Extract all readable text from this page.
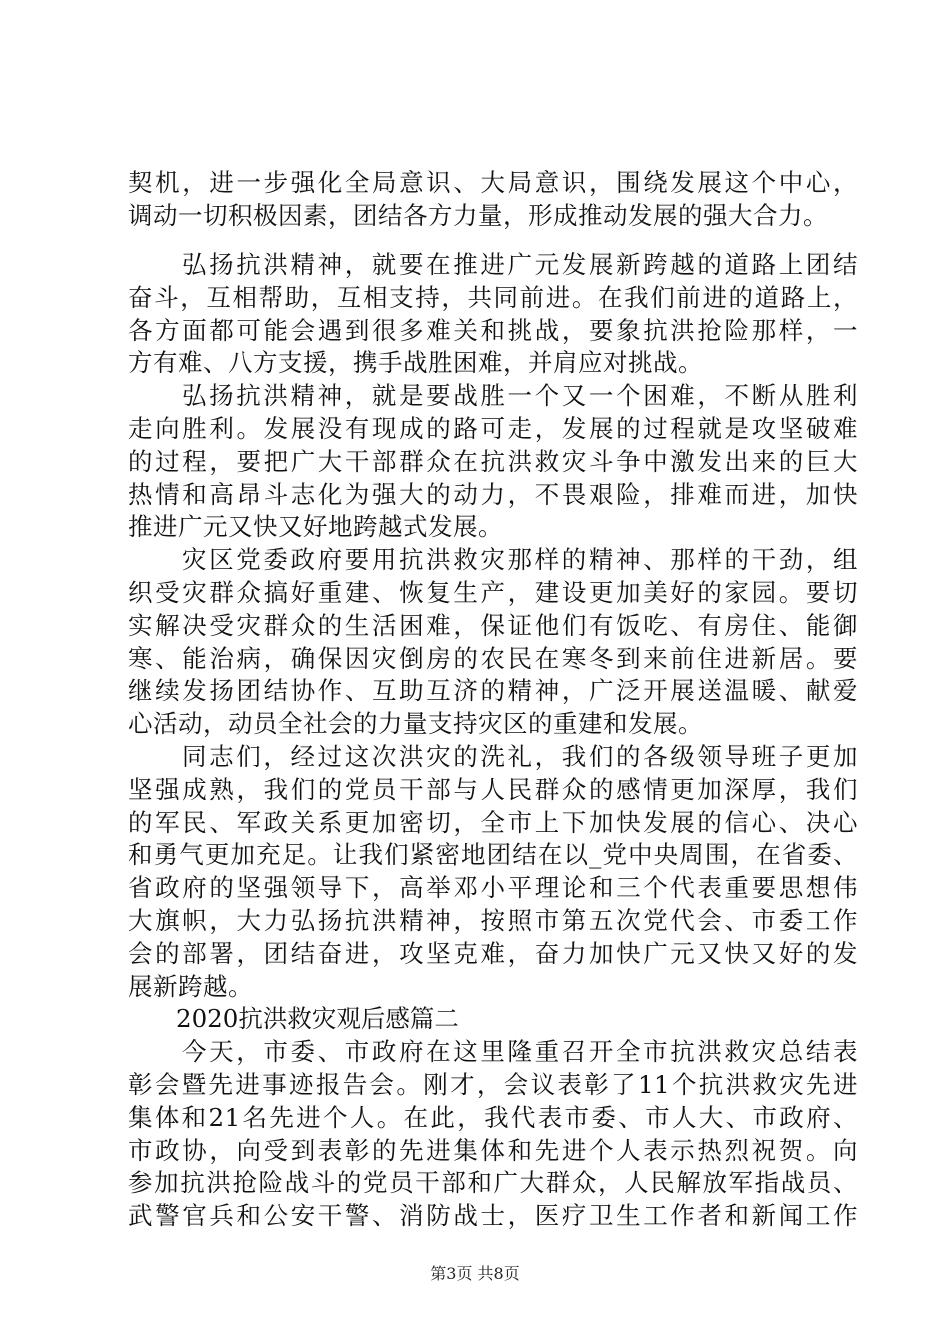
契机，进一步强化全局意识、大局意识，围绕发展这个中心，
调动一切积极因素，团结各方力量，形成推动发展的强大合力。
弘扬抗洪精神，就要在推进广元发展新跨越的道路上团结
奋斗，互相帮助，互相支持，共同前进。在我们前进的道路上，
各方面都可能会遇到很多难关和挑战，要象抗洪抢险那样，一
方有难、八方支援，携手战胜困难，并肩应对挑战。
弘扬抗洪精神，就是要战胜一个又一个困难，不断从胜利
走向胜利。发展没有现成的路可走，发展的过程就是攻坚破难
的过程，要把广大干部群众在抗洪救灾斗争中激发出来的巨大
热情和高昂斗志化为强大的动力，不畏艰险，排难而进，加快
推进广元又快又好地跨越式发展。
灾区党委政府要用抗洪救灾那样的精神、那样的干劲，组
织受灾群众搞好重建、恢复生产，建设更加美好的家园。要切
实解决受灾群众的生活困难，保证他们有饭吃、有房住、能御
寒、能治病，确保因灾倒房的农民在寒冬到来前住进新居。要
继续发扬团结协作、互助互济的精神，广泛开展送温暖、献爱
心活动，动员全社会的力量支持灾区的重建和发展。
同志们，经过这次洪灾的洗礼，我们的各级领导班子更加
坚强成熟，我们的党员干部与人民群众的感情更加深厚，我们
的军民、军政关系更加密切，全市上下加快发展的信心、决心
和勇气更加充足。让我们紧密地团结在以_党中央周围，在省委、
省政府的坚强领导下，高举邓小平理论和三个代表重要思想伟
大旗帜，大力弘扬抗洪精神，按照市第五次党代会、市委工作
会的部署，团结奋进，攻坚克难，奋力加快广元又快又好的发
展新跨越。
今天，市委、市政府在这里隆重召开全市抗洪救灾总结表
彰会暨先进事迹报告会。刚才，会议表彰了11个抗洪救灾先进
集体和21名先进个人。在此，我代表市委、市人大、市政府、
市政协，向受到表彰的先进集体和先进个人表示热烈祝贺。向
参加抗洪抢险战斗的党员干部和广大群众，人民解放军指战员、
武警官兵和公安干警、消防战士，医疗卫生工作者和新闻工作
2020抗洪救灾观后感篇二
第3页 共8页
